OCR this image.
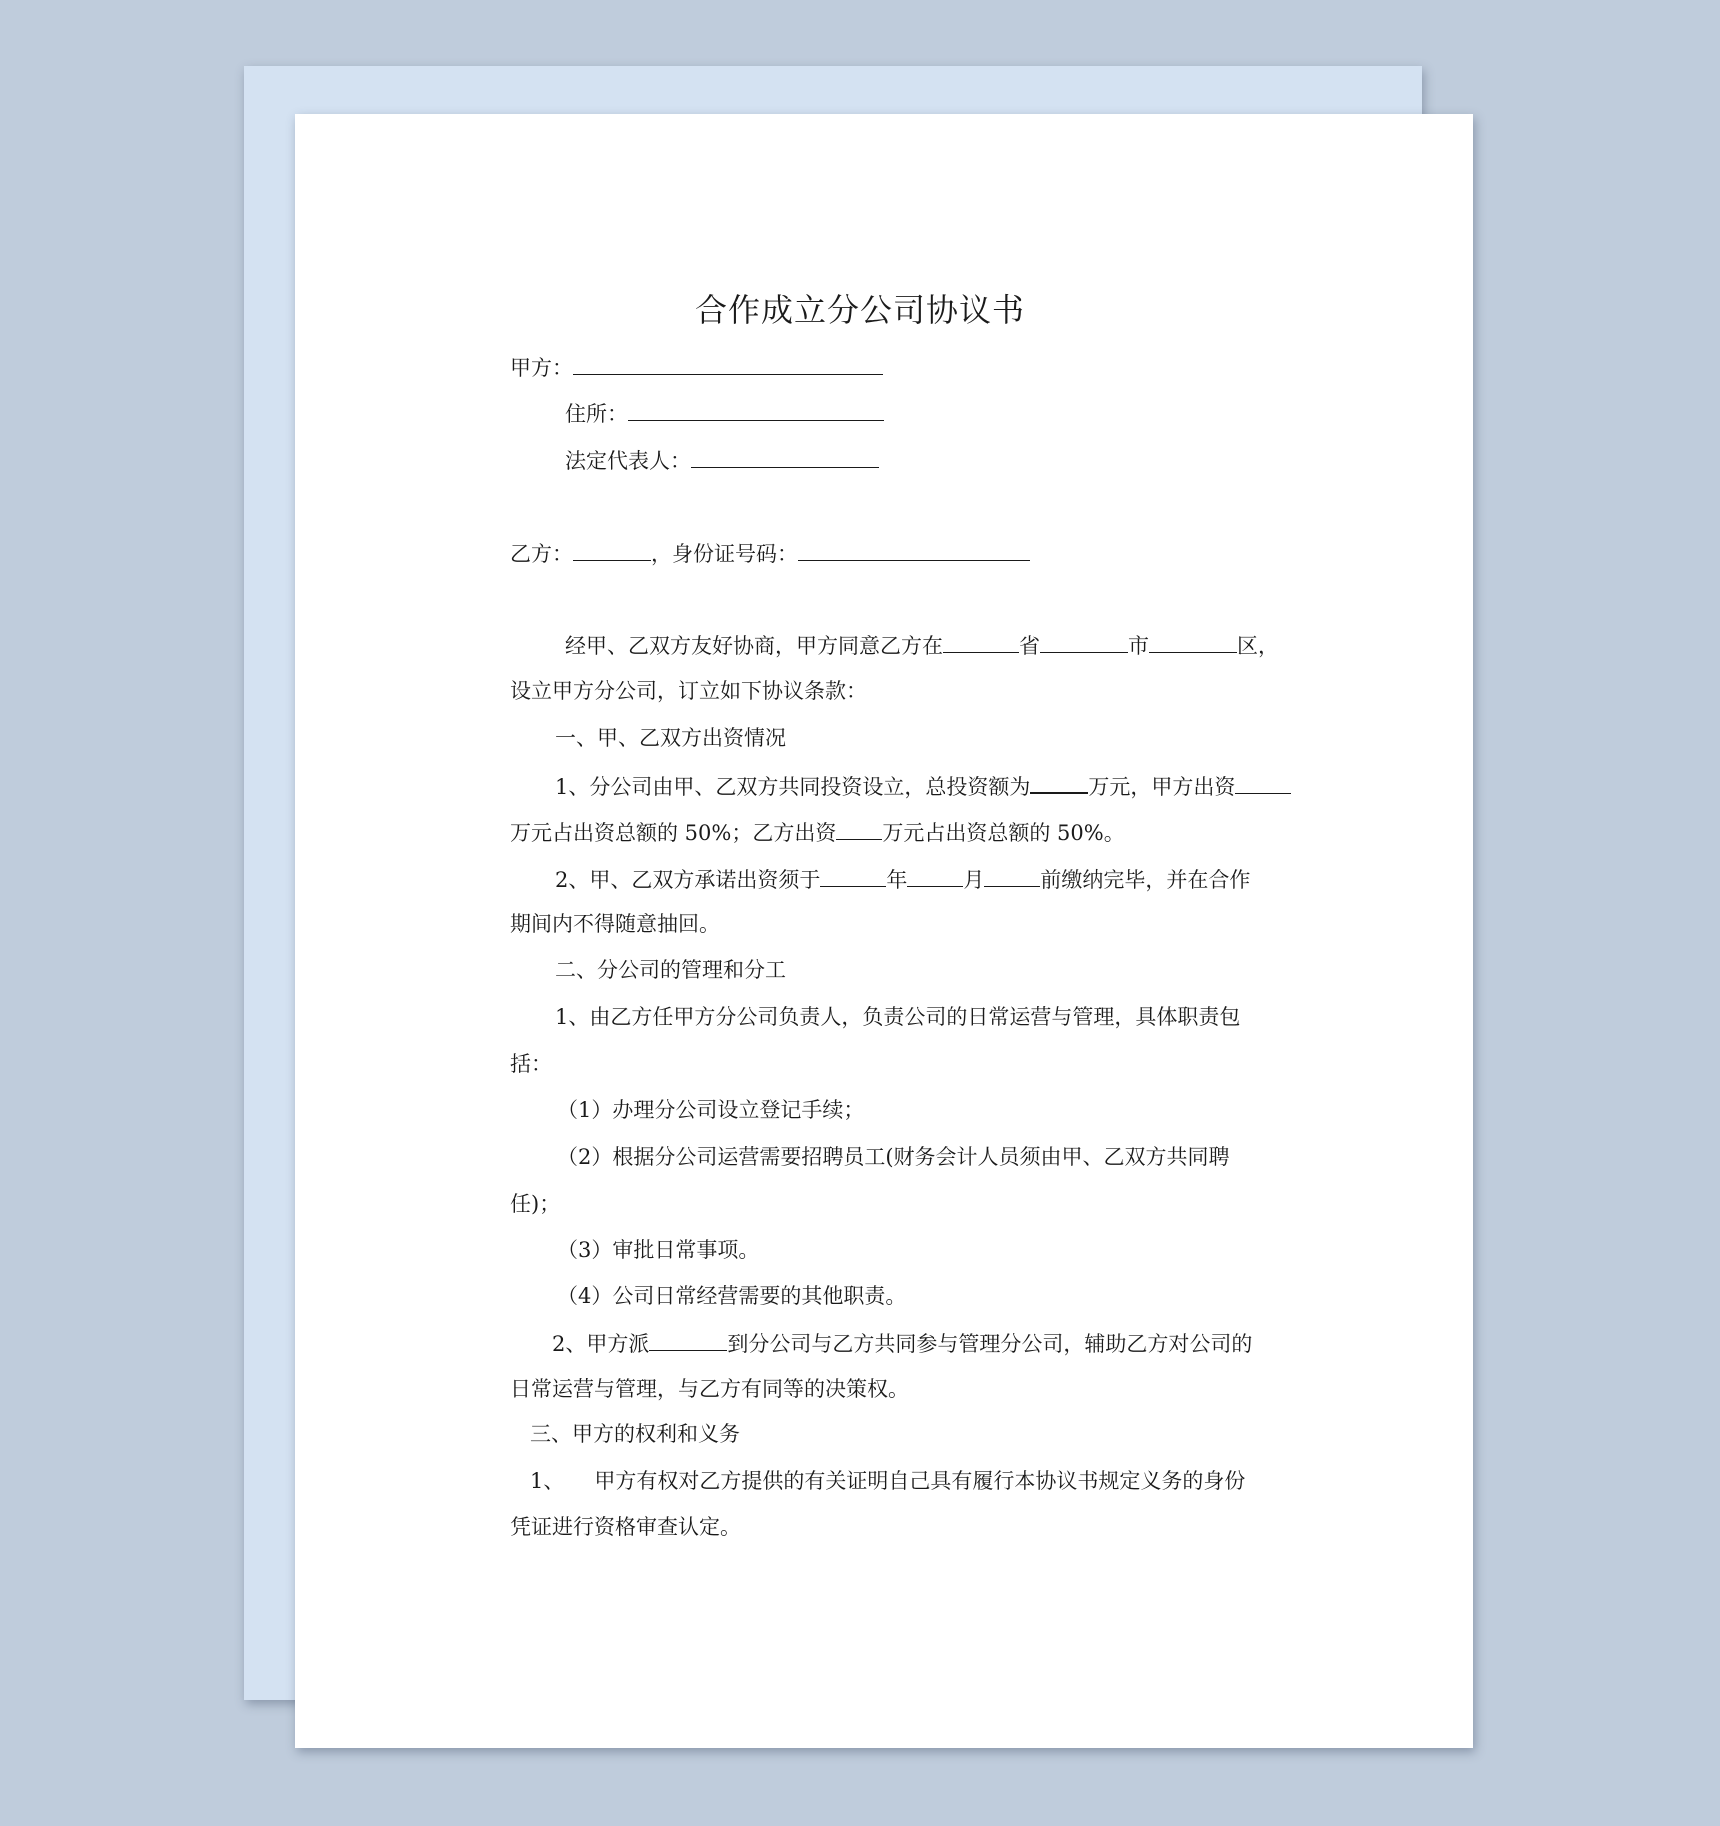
合作成立分公司协议书
甲方：
住所：
法定代表人：
乙方：	，身份证号码：
经甲、乙双方友好协商，甲方同意乙方在	省	市	区，
设立甲方分公司，订立如下协议条款：
一、甲、乙双方出资情况
1、分公司由甲、乙双方共同投资设立，总投资额为	万元，甲方出资
万元占出资总额的 50%；乙方出资 万元占出资总额的 50%。
2、甲、乙双方承诺出资须于	年	月	前缴纳完毕，并在合作
期间内不得随意抽回。
二、分公司的管理和分工
1、由乙方任甲方分公司负责人，负责公司的日常运营与管理，具体职责包
括：
（1）办理分公司设立登记手续；
（2）根据分公司运营需要招聘员工(财务会计人员须由甲、乙双方共同聘
任)；
（3）审批日常事项。
（4）公司日常经营需要的其他职责。
2、甲方派	到分公司与乙方共同参与管理分公司，辅助乙方对公司的
日常运营与管理，与乙方有同等的决策权。
三、甲方的权利和义务
1、 甲方有权对乙方提供的有关证明自己具有履行本协议书规定义务的身份
凭证进行资格审查认定。
